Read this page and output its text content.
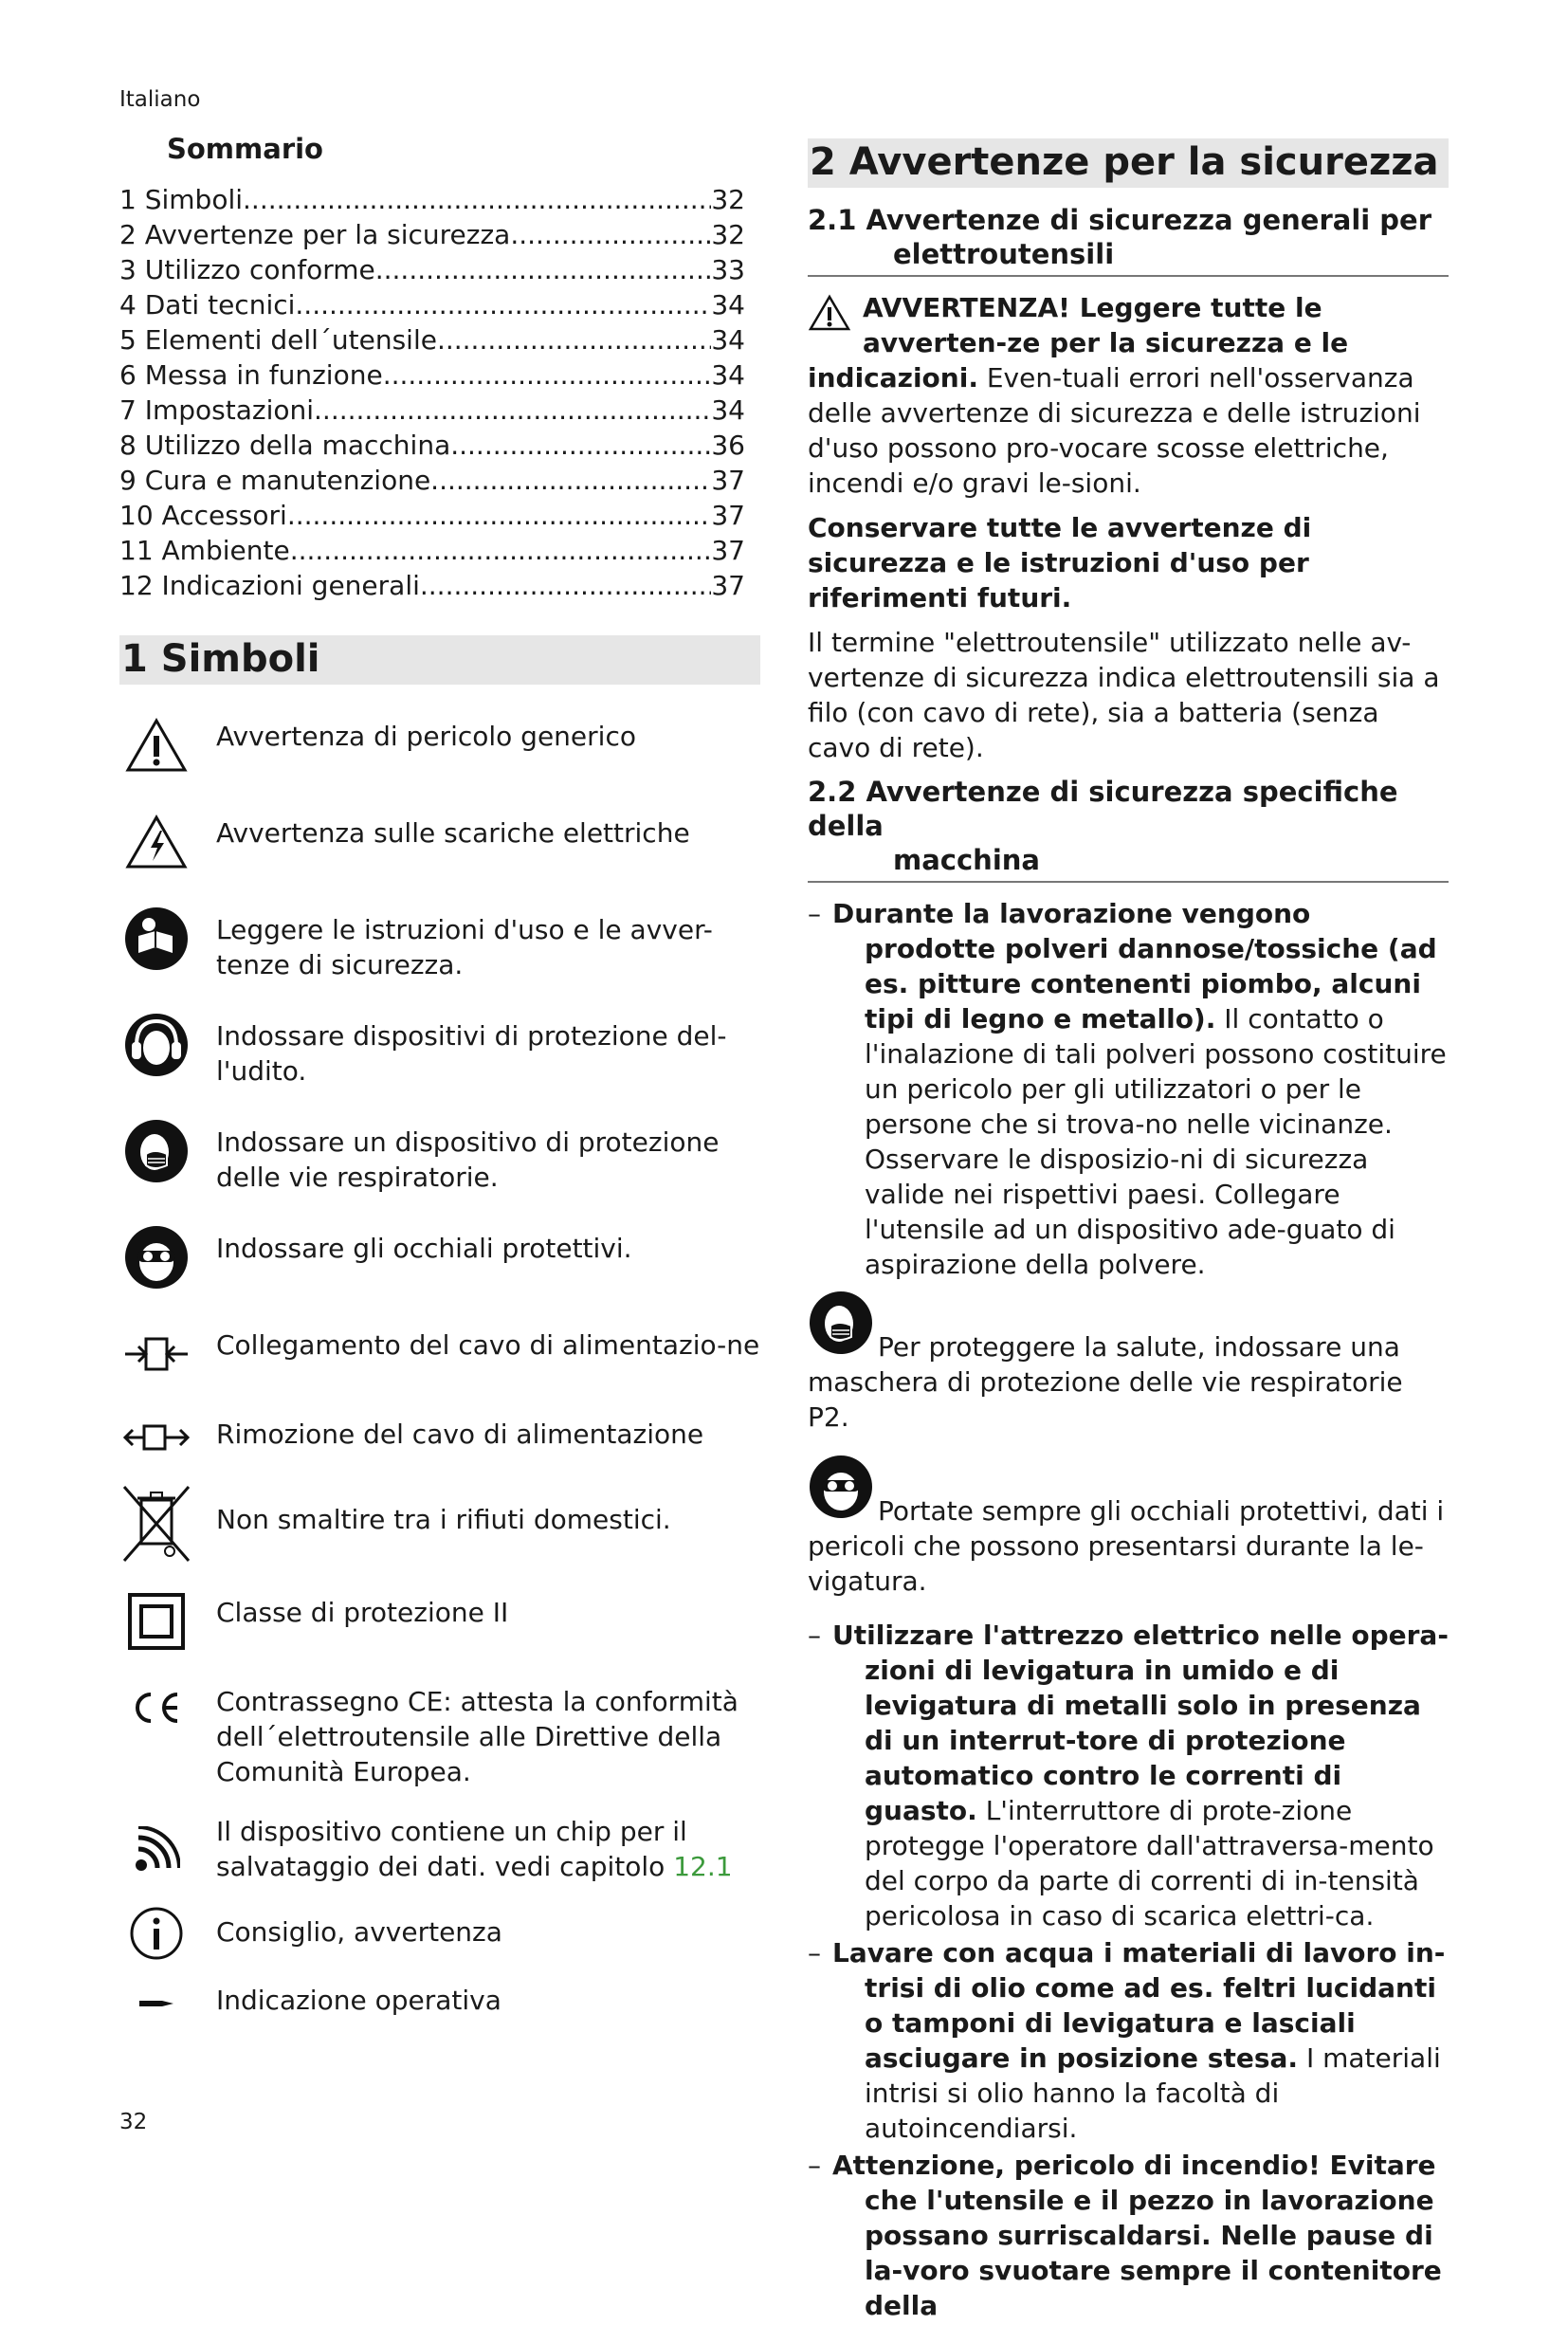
Italiano
Sommario
1 Simboli .....	32
2 Avvertenze per la sicurezza .....	32
3 Utilizzo conforme .....	33
4 Dati tecnici .....	34
5 Elementi dell´utensile .....	34
6 Messa in funzione .....	34
7 Impostazioni .....	34
8 Utilizzo della macchina .....	36
9 Cura e manutenzione .....	37
10 Accessori .....	37
11 Ambiente .....	37
12 Indicazioni generali .....	37
1 Simboli
Avvertenza di pericolo generico
Avvertenza sulle scariche elettriche
Leggere le istruzioni d'uso e le avver-tenze di sicurezza.
Indossare dispositivi di protezione del-l'udito.
Indossare un dispositivo di protezione delle vie respiratorie.
Indossare gli occhiali protettivi.
Collegamento del cavo di alimentazio-ne
Rimozione del cavo di alimentazione
Non smaltire tra i rifiuti domestici.
Classe di protezione II
Contrassegno CE: attesta la conformità dell´elettroutensile alle Direttive della Comunità Europea.
Il dispositivo contiene un chip per il salvataggio dei dati. vedi capitolo 12.1
Consiglio, avvertenza
Indicazione operativa
2 Avvertenze per la sicurezza
2.1 Avvertenze di sicurezza generali per
elettroutensili
AVVERTENZA! Leggere tutte le avverten-ze per la sicurezza e le indicazioni. Even-tuali errori nell'osservanza delle avvertenze di sicurezza e delle istruzioni d'uso possono pro-vocare scosse elettriche, incendi e/o gravi le-sioni.

Conservare tutte le avvertenze di sicurezza e le istruzioni d'uso per riferimenti futuri.

Il termine "elettroutensile" utilizzato nelle av-vertenze di sicurezza indica elettroutensili sia a filo (con cavo di rete), sia a batteria (senza cavo di rete).

2.2 Avvertenze di sicurezza specifiche della
macchina
– Durante la lavorazione vengono prodotte polveri dannose/tossiche (ad es. pitture contenenti piombo, alcuni tipi di legno e metallo). Il contatto o l'inalazione di tali polveri possono costituire un pericolo per gli utilizzatori o per le persone che si trova-no nelle vicinanze. Osservare le disposizio-ni di sicurezza valide nei rispettivi paesi. Collegare l'utensile ad un dispositivo ade-guato di aspirazione della polvere.
Per proteggere la salute, indossare una maschera di protezione delle vie respiratorie P2.
Portate sempre gli occhiali protettivi, dati i pericoli che possono presentarsi durante la le-vigatura.
– Utilizzare l'attrezzo elettrico nelle opera-zioni di levigatura in umido e di levigatura di metalli solo in presenza di un interrut-tore di protezione automatico contro le correnti di guasto. L'interruttore di prote-zione protegge l'operatore dall'attraversa-mento del corpo da parte di correnti di in-tensità pericolosa in caso di scarica elettri-ca.
– Lavare con acqua i materiali di lavoro in-trisi di olio come ad es. feltri lucidanti o tamponi di levigatura e lasciali asciugare in posizione stesa. I materiali intrisi si olio hanno la facoltà di autoincendiarsi.
– Attenzione, pericolo di incendio! Evitare che l'utensile e il pezzo in lavorazione possano surriscaldarsi. Nelle pause di la-voro svuotare sempre il contenitore della
32
